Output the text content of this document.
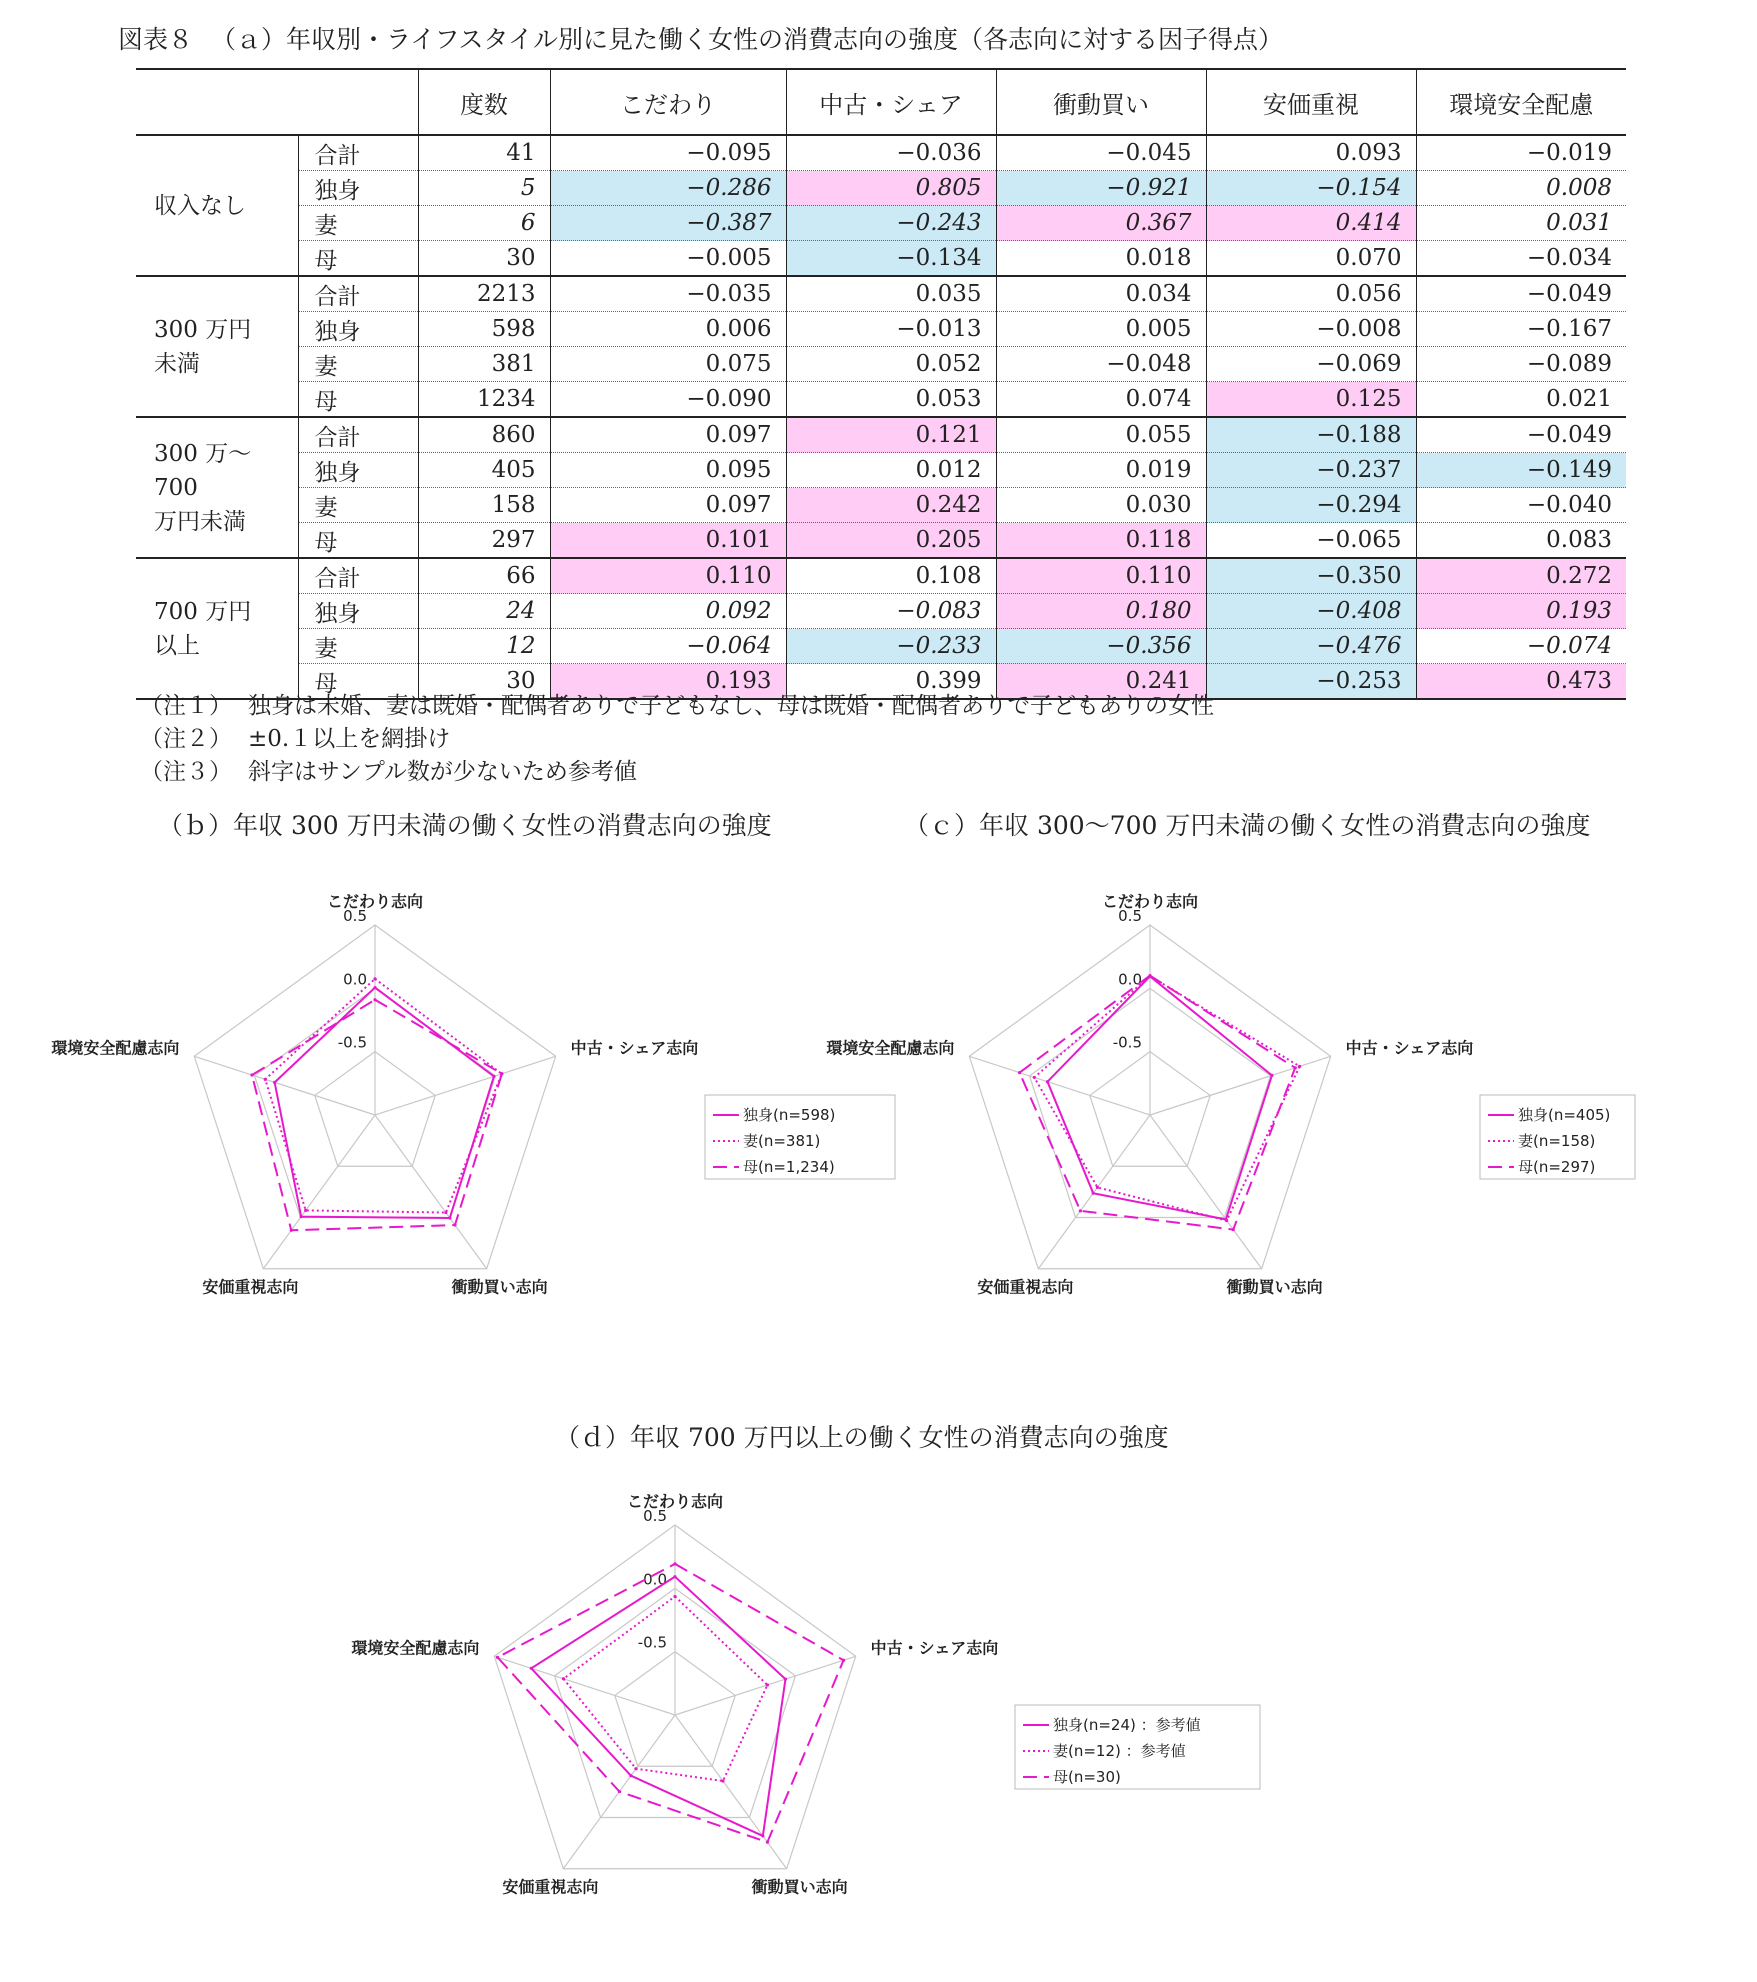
図表８ （ａ）年収別・ライフスタイル別に見た働く女性の消費志向の強度（各志向に対する因子得点）
		度数	こだわり	中古・シェア	衝動買い	安価重視	環境安全配慮
収入なし	合計	41	−0.095	−0.036	−0.045	0.093	−0.019
	独身	5	−0.286	0.805	−0.921	−0.154	0.008
	妻	6	−0.387	−0.243	0.367	0.414	0.031
	母	30	−0.005	−0.134	0.018	0.070	−0.034
300 万円
未満	合計	2213	−0.035	0.035	0.034	0.056	−0.049
	独身	598	0.006	−0.013	0.005	−0.008	−0.167
	妻	381	0.075	0.052	−0.048	−0.069	−0.089
	母	1234	−0.090	0.053	0.074	0.125	0.021
300 万～700
万円未満	合計	860	0.097	0.121	0.055	−0.188	−0.049
	独身	405	0.095	0.012	0.019	−0.237	−0.149
	妻	158	0.097	0.242	0.030	−0.294	−0.040
	母	297	0.101	0.205	0.118	−0.065	0.083
700 万円
以上	合計	66	0.110	0.108	0.110	−0.350	0.272
	独身	24	0.092	−0.083	0.180	−0.408	0.193
	妻	12	−0.064	−0.233	−0.356	−0.476	−0.074
	母	30	0.193	0.399	0.241	−0.253	0.473
（注１） 独身は未婚、妻は既婚・配偶者ありで子どもなし、母は既婚・配偶者ありで子どもありの女性
（注２） ±0.１以上を網掛け
（注３） 斜字はサンプル数が少ないため参考値
（ｂ）年収 300 万円未満の働く女性の消費志向の強度	（ｃ）年収 300～700 万円未満の働く女性の消費志向の強度
（ｄ）年収 700 万円以上の働く女性の消費志向の強度
0.5
0.0
-0.5
こだわり志向
中古・シェア志向
衝動買い志向
安価重視志向
環境安全配慮志向
独身(n=598)
妻(n=381)
母(n=1,234)
0.5
0.0
-0.5
こだわり志向
中古・シェア志向
衝動買い志向
安価重視志向
環境安全配慮志向
独身(n=405)
妻(n=158)
母(n=297)
0.5
0.0
-0.5
こだわり志向
中古・シェア志向
衝動買い志向
安価重視志向
環境安全配慮志向
独身(n=24) ：参考値
妻(n=12) ：参考値
母(n=30)
